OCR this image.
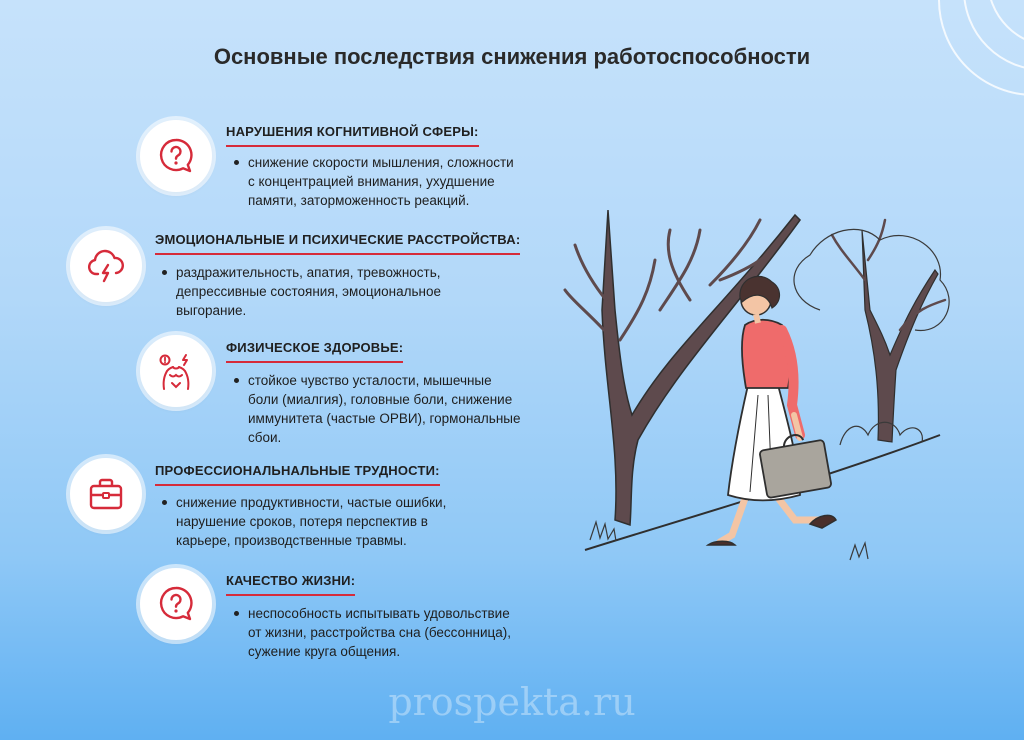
Основные последствия снижения работоспособности
НАРУШЕНИЯ КОГНИТИВНОЙ СФЕРЫ:
снижение скорости мышления, сложности
с концентрацией внимания, ухудшение
памяти, заторможенность реакций.
ЭМОЦИОНАЛЬНЫЕ И ПСИХИЧЕСКИЕ РАССТРОЙСТВА:
раздражительность, апатия, тревожность,
депрессивные состояния, эмоциональное
выгорание.
ФИЗИЧЕСКОЕ ЗДОРОВЬЕ:
стойкое чувство усталости, мышечные
боли (миалгия), головные боли, снижение
иммунитета (частые ОРВИ), гормональные
сбои.
ПРОФЕССИОНАЛЬНАЛЬНЫЕ ТРУДНОСТИ:
снижение продуктивности, частые ошибки,
нарушение сроков, потеря перспектив в
карьере, производственные травмы.
КАЧЕСТВО ЖИЗНИ:
неспособность испытывать удовольствие
от жизни, расстройства сна (бессонница),
сужение круга общения.
prospekta.ru
